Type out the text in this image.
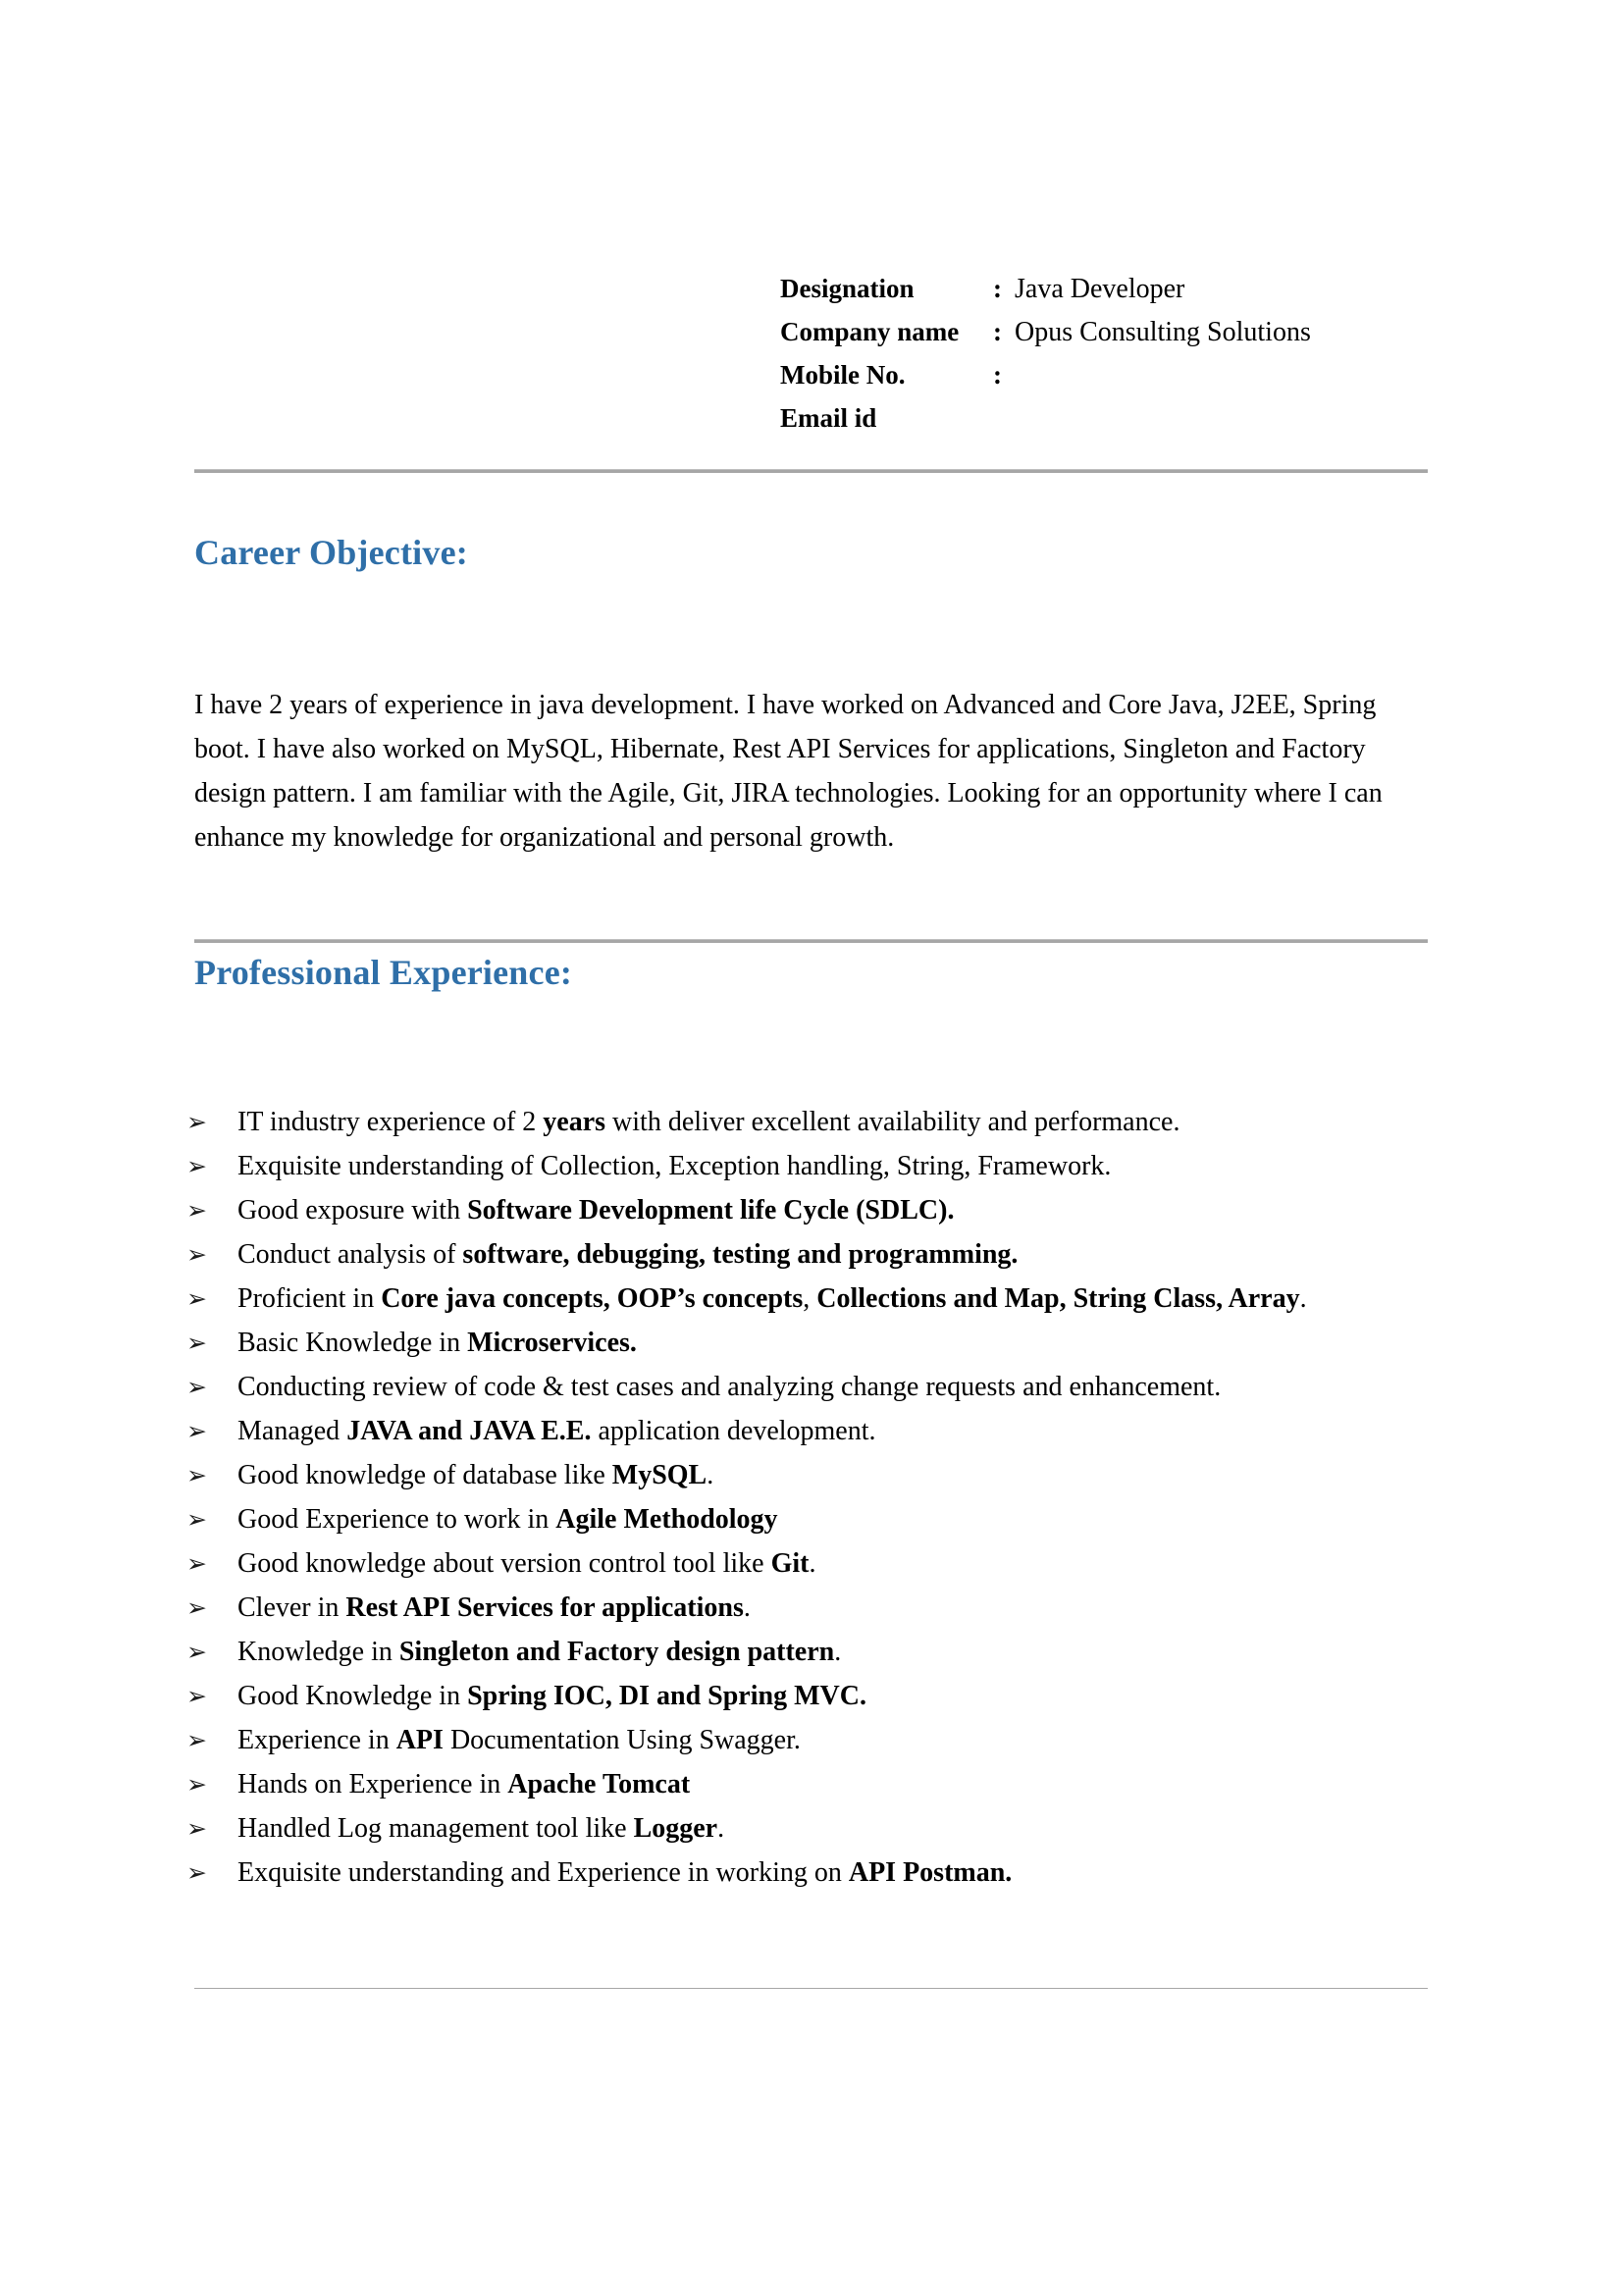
Designation	: Java Developer
Company name	: Opus Consulting Solutions
Mobile No.	:
Email id
Career Objective:
I have 2 years of experience in java development. I have worked on Advanced and Core Java, J2EE, Spring boot. I have also worked on MySQL, Hibernate, Rest API Services for applications, Singleton and Factory design pattern. I am familiar with the Agile, Git, JIRA technologies. Looking for an opportunity where I can enhance my knowledge for organizational and personal growth.
Professional Experience:
➢ IT industry experience of 2 years with deliver excellent availability and performance.
➢ Exquisite understanding of Collection, Exception handling, String, Framework.
➢ Good exposure with Software Development life Cycle (SDLC).
➢ Conduct analysis of software, debugging, testing and programming.
➢ Proficient in Core java concepts, OOP’s concepts, Collections and Map, String Class, Array.
➢ Basic Knowledge in Microservices.
➢ Conducting review of code & test cases and analyzing change requests and enhancement.
➢ Managed JAVA and JAVA E.E. application development.
➢ Good knowledge of database like MySQL.
➢ Good Experience to work in Agile Methodology
➢ Good knowledge about version control tool like Git.
➢ Clever in Rest API Services for applications.
➢ Knowledge in Singleton and Factory design pattern.
➢ Good Knowledge in Spring IOC, DI and Spring MVC.
➢ Experience in API Documentation Using Swagger.
➢ Hands on Experience in Apache Tomcat
➢ Handled Log management tool like Logger.
➢ Exquisite understanding and Experience in working on API Postman.
